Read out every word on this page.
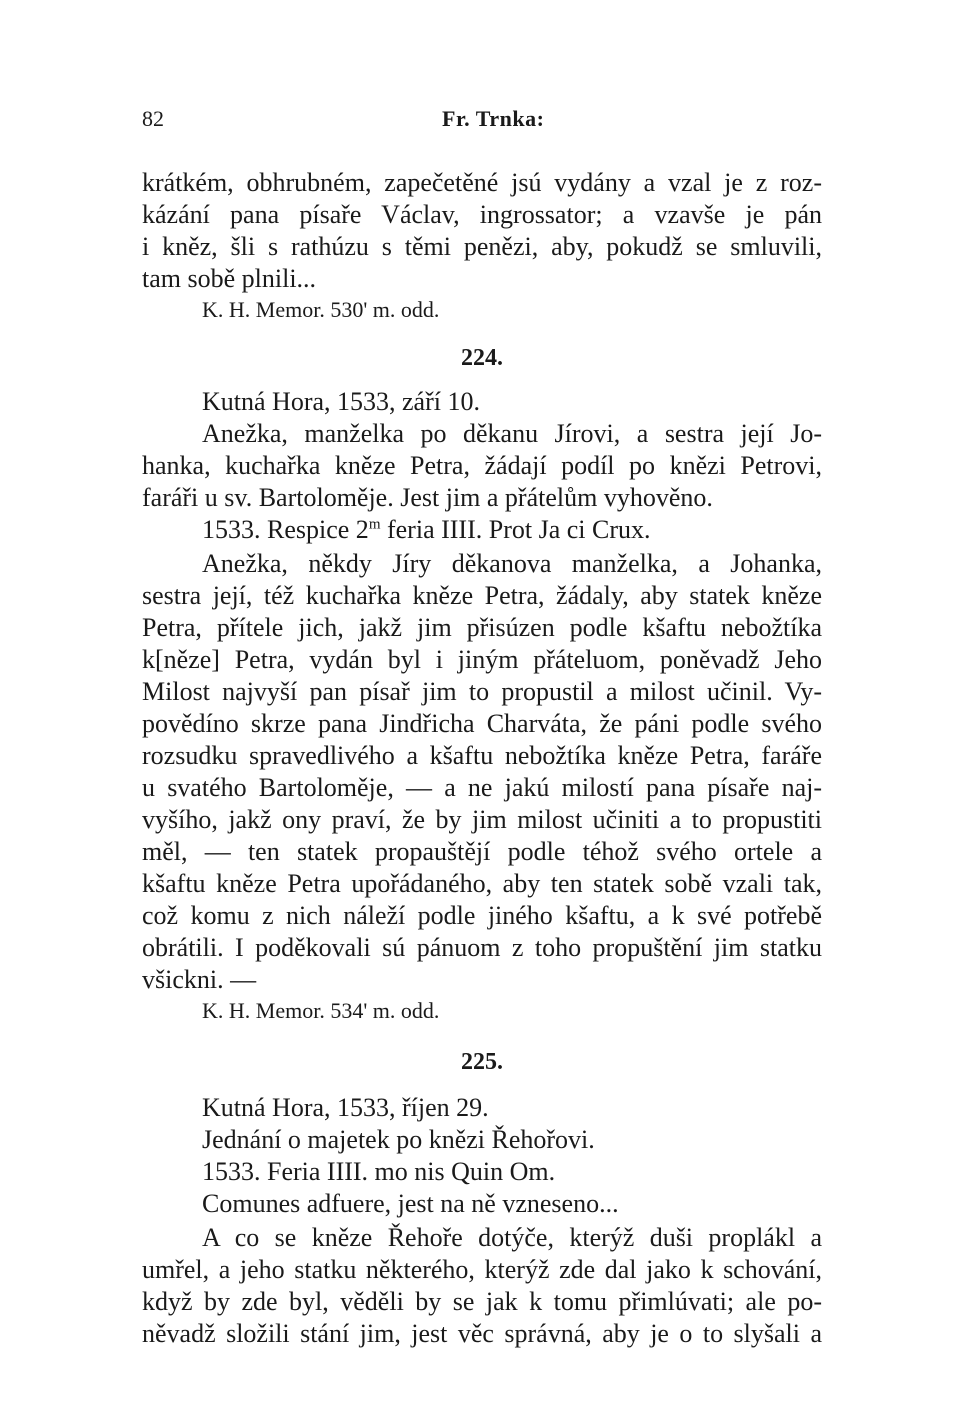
82	Fr. Trnka:
krátkém, obhrubném, zapečetěné jsú vydány a vzal je z roz-
kázání pana písaře Václav, ingrossator; a vzavše je pán
i kněz, šli s rathúzu s těmi penězi, aby, pokudž se smluvili,
tam sobě plnili...
K. H. Memor. 530' m. odd.
224.
Kutná Hora, 1533, září 10.
Anežka, manželka po děkanu Jírovi, a sestra její Jo-
hanka, kuchařka kněze Petra, žádají podíl po knězi Petrovi,
faráři u sv. Bartoloměje. Jest jim a přátelům vyhověno.
1533. Respice 2$^m$ feria IIII. Prot Ja ci Crux.
Anežka, někdy Jíry děkanova manželka, a Johanka,
sestra její, též kuchařka kněze Petra, žádaly, aby statek kněze
Petra, přítele jich, jakž jim přisúzen podle kšaftu nebožtíka
k[něze] Petra, vydán byl i jiným přáteluom, poněvadž Jeho
Milost najvyší pan písař jim to propustil a milost učinil. Vy-
povědíno skrze pana Jindřicha Charváta, že páni podle svého
rozsudku spravedlivého a kšaftu nebožtíka kněze Petra, faráře
u svatého Bartoloměje, — a ne jakú milostí pana písaře naj-
vyšího, jakž ony praví, že by jim milost učiniti a to propustiti
měl, — ten statek propauštějí podle téhož svého ortele a
kšaftu kněze Petra upořádaného, aby ten statek sobě vzali tak,
což komu z nich náleží podle jiného kšaftu, a k své potřebě
obrátili. I poděkovali sú pánuom z toho propuštění jim statku
všickni. —
K. H. Memor. 534' m. odd.
225.
Kutná Hora, 1533, říjen 29.
Jednání o majetek po knězi Řehořovi.
1533. Feria IIII. mo nis Quin Om.
Comunes adfuere, jest na ně vzneseno...
A co se kněze Řehoře dotýče, kterýž duši proplákl a
umřel, a jeho statku některého, kterýž zde dal jako k schování,
když by zde byl, věděli by se jak k tomu přimlúvati; ale po-
něvadž složili stání jim, jest věc správná, aby je o to slyšali a
